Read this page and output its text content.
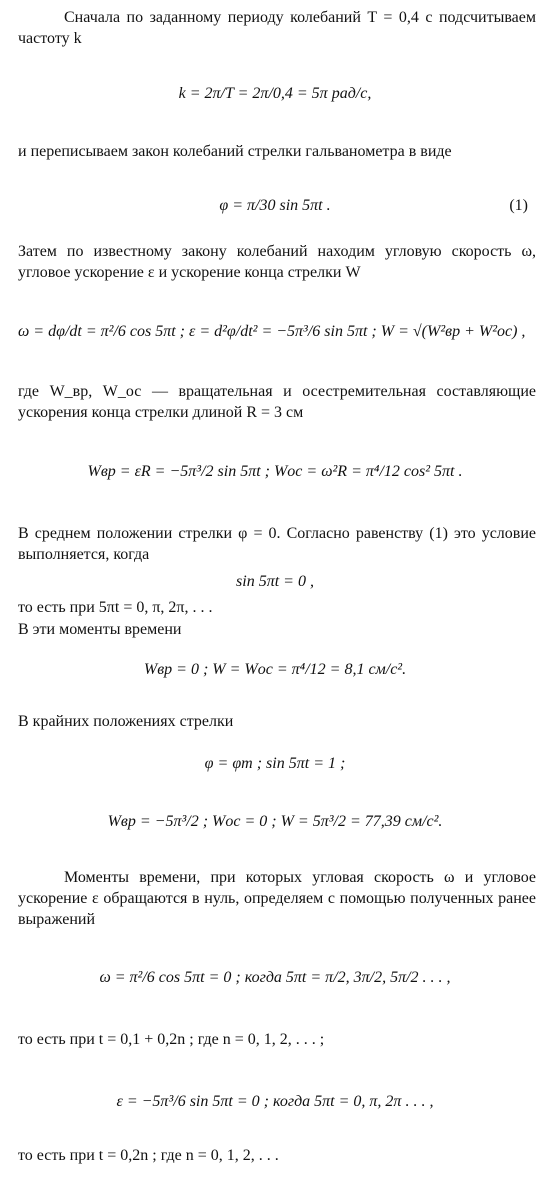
Сначала по заданному периоду колебаний T = 0,4 с подсчитываем частоту k

k = 2π/T = 2π/0,4 = 5π рад/с,

и переписываем закон колебаний стрелки гальванометра в виде

φ = π/30 sin 5πt .	(1)

Затем по известному закону колебаний находим угловую скорость ω, угловое ускорение ε и ускорение конца стрелки W

ω = dφ/dt = π²/6 cos 5πt ; ε = d²φ/dt² = −5π³/6 sin 5πt ; W = √(W²вр + W²ос) ,

где W_вр, W_ос — вращательная и осестремительная составляющие ускорения конца стрелки длиной R = 3 см

Wвр = εR = −5π³/2 sin 5πt ; Wос = ω²R = π⁴/12 cos² 5πt .

В среднем положении стрелки φ = 0. Согласно равенству (1) это условие выполняется, когда

sin 5πt = 0 ,

то есть при 5πt = 0, π, 2π, . . .

В эти моменты времени

Wвр = 0 ; W = Wос = π⁴/12 = 8,1 см/с².

В крайних положениях стрелки

φ = φm ; sin 5πt = 1 ;
Wвр = −5π³/2 ; Wос = 0 ; W = 5π³/2 = 77,39 см/с².

Моменты времени, при которых угловая скорость ω и угловое ускорение ε обращаются в нуль, определяем с помощью полученных ранее выражений

ω = π²/6 cos 5πt = 0 ; когда 5πt = π/2, 3π/2, 5π/2 . . . ,

то есть при t = 0,1 + 0,2n ; где n = 0, 1, 2, . . . ;

ε = −5π³/6 sin 5πt = 0 ; когда 5πt = 0, π, 2π . . . ,

то есть при t = 0,2n ; где n = 0, 1, 2, . . .
